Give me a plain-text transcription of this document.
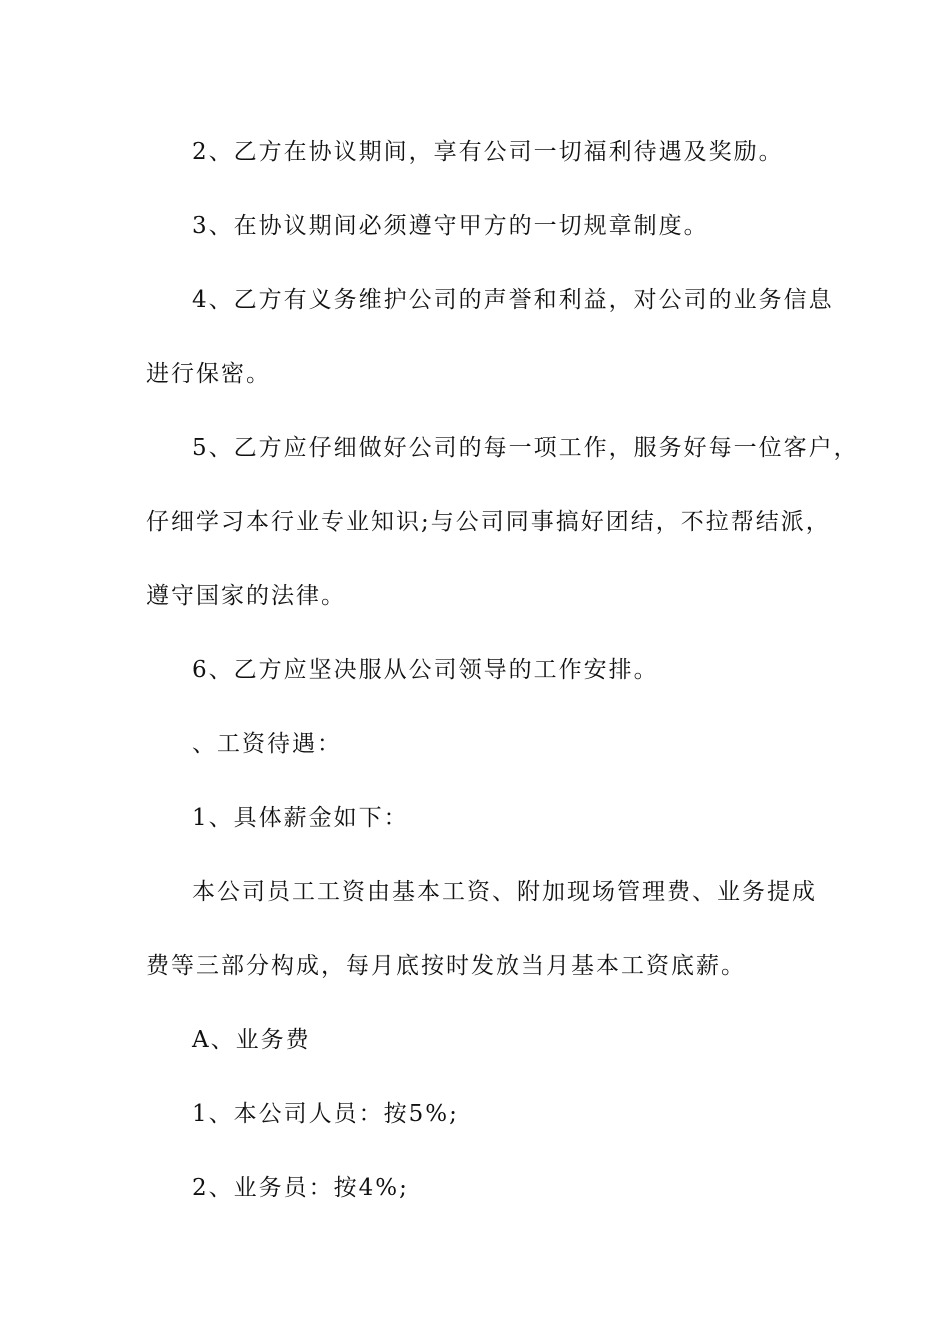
2、乙方在协议期间，享有公司一切福利待遇及奖励。
3、在协议期间必须遵守甲方的一切规章制度。
4、乙方有义务维护公司的声誉和利益，对公司的业务信息
进行保密。
5、乙方应仔细做好公司的每一项工作，服务好每一位客户，
仔细学习本行业专业知识;与公司同事搞好团结，不拉帮结派，
遵守国家的法律。
6、乙方应坚决服从公司领导的工作安排。
、工资待遇：
1、具体薪金如下：
本公司员工工资由基本工资、附加现场管理费、业务提成
费等三部分构成，每月底按时发放当月基本工资底薪。
A、业务费
1、本公司人员：按5%;
2、业务员：按4%;
